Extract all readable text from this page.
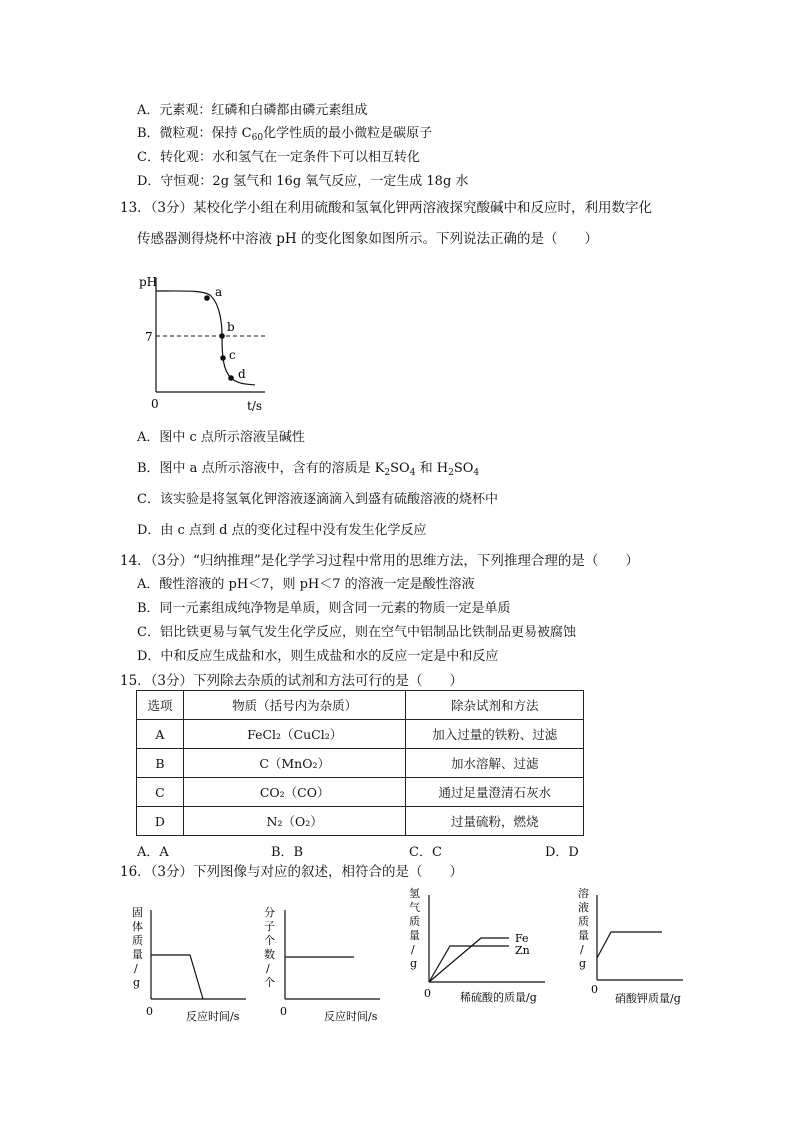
A．元素观：红磷和白磷都由磷元素组成
B．微粒观：保持 $C_{60}$化学性质的最小微粒是碳原子
C．转化观：水和氢气在一定条件下可以相互转化
D．守恒观：2g 氢气和 16g 氧气反应，一定生成 18g 水
13．（3分）某校化学小组在利用硫酸和氢氧化钾两溶液探究酸碱中和反应时，利用数字化
传感器测得烧杯中溶液 pH 的变化图象如图所示。下列说法正确的是（　　）
pH
7
0	t/s
a
b
c
d
A．图中 c 点所示溶液呈碱性
B．图中 a 点所示溶液中，含有的溶质是 $K_2SO_4$ 和 $H_2SO_4$
C．该实验是将氢氧化钾溶液逐滴滴入到盛有硫酸溶液的烧杯中
D．由 c 点到 d 点的变化过程中没有发生化学反应
14．（3分）“归纳推理”是化学学习过程中常用的思维方法，下列推理合理的是（　　）
A．酸性溶液的 pH＜7，则 pH＜7 的溶液一定是酸性溶液
B．同一元素组成纯净物是单质，则含同一元素的物质一定是单质
C．铝比铁更易与氧气发生化学反应，则在空气中铝制品比铁制品更易被腐蚀
D．中和反应生成盐和水，则生成盐和水的反应一定是中和反应
15．（3分）下列除去杂质的试剂和方法可行的是（　　）
选项	物质（括号内为杂质）	除杂试剂和方法
A	FeCl₂（CuCl₂）	加入过量的铁粉、过滤
B	C（MnO₂）	加水溶解、过滤
C	CO₂（CO）	通过足量澄清石灰水
D	N₂（O₂）	过量硫粉，燃烧
A．A	B．B	C．C	D．D
16．（3分）下列图像与对应的叙述，相符合的是（　　）
固
体
质
量
/
g
0	反应时间/s
分
子
个
数
/
个
0	反应时间/s
氢
气
质
量
/
g
Fe
Zn
0	稀硫酸的质量/g
溶
液
质
量
/
g
0
硝酸钾质量/g
